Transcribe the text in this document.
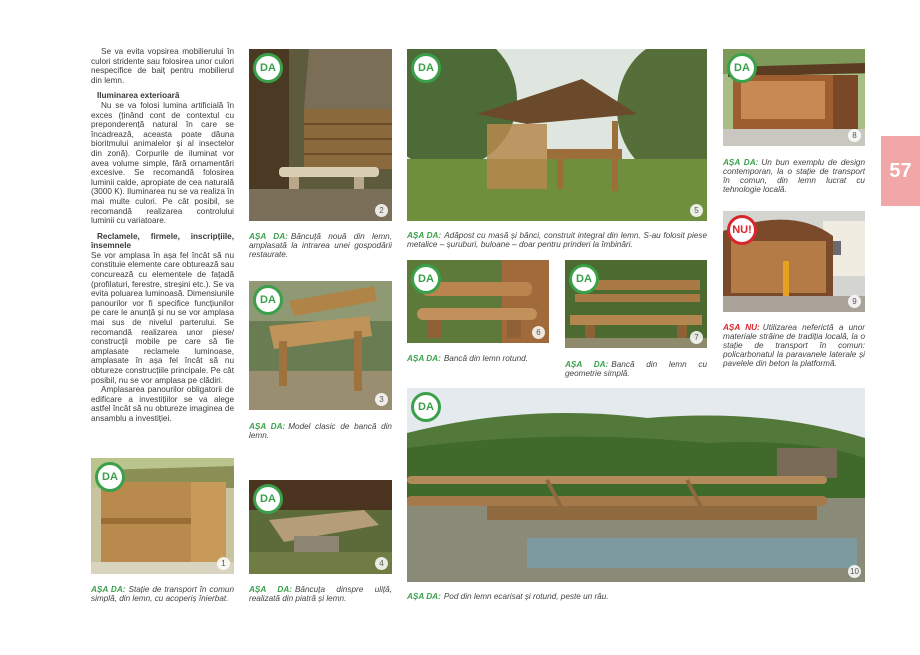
Se va evita vopsirea mobilierului în culori stridente sau folosirea unor culori nespecifice de baiț pentru mobilierul din lemn.

Iluminarea exterioară

Nu se va folosi lumina artificială în exces (ținând cont de contextul cu preponderență natural în care se încadrează, aceasta poate dăuna bioritmului animalelor și al insectelor din zonă). Corpurile de iluminat vor avea volume simple, fără ornamentări excesive. Se recomandă folosirea luminii calde, apropiate de cea naturală (3000 K). Iluminarea nu se va realiza în mai multe culori. Pe cât posibil, se recomandă realizarea controlului luminii cu variatoare.

Reclamele, firmele, inscripțiile, însemnele

Se vor amplasa în așa fel încât să nu constituie elemente care obturează sau concurează cu elementele de fațadă (profilaturi, ferestre, streșini etc.). Se va evita poluarea luminoasă. Dimensiunile panourilor vor fi specifice funcțiunilor pe care le anunță și nu se vor amplasa mai sus de nivelul parterului. Se recomandă realizarea unor piese/ construcții mobile pe care să fie amplasate reclamele luminoase, amplasate în așa fel încât să nu obtureze construcțiile principale. Pe cât posibil, nu se vor amplasa pe clădiri.

Amplasarea panourilor obligatorii de edificare a investițiilor se va alege astfel încât să nu obtureze imaginea de ansamblu a investiției.

DA
1
AȘA DA: Stație de transport în comun simplă, din lemn, cu acoperiș înierbat.
DA
2
AȘA DA: Băncuță nouă din lemn, amplasată la intrarea unei gospodării restaurate.
DA
3
AȘA DA: Model clasic de bancă din lemn.
DA
4
AȘA DA: Băncuța dinspre uliță, realizată din piatră și lemn.
DA
5
AȘA DA: Adăpost cu masă și bănci, construit integral din lemn. S-au folosit piese metalice – șuruburi, buloane – doar pentru prinderi la îmbinări.
DA
6
AȘA DA: Bancă din lemn rotund.
DA
7
AȘA DA: Bancă din lemn cu geometrie simplă.
DA
8
AȘA DA: Un bun exemplu de design contemporan, la o stație de transport în comun, din lemn lucrat cu tehnologie locală.
NU!
9
AȘA NU: Utilizarea neferictă a unor materiale străine de tradiția locală, la o stație de transport în comun: policarbonatul la paravanele laterale și pavelele din beton la platformă.
DA
10
AȘA DA: Pod din lemn ecarisat și rotund, peste un râu.
57
